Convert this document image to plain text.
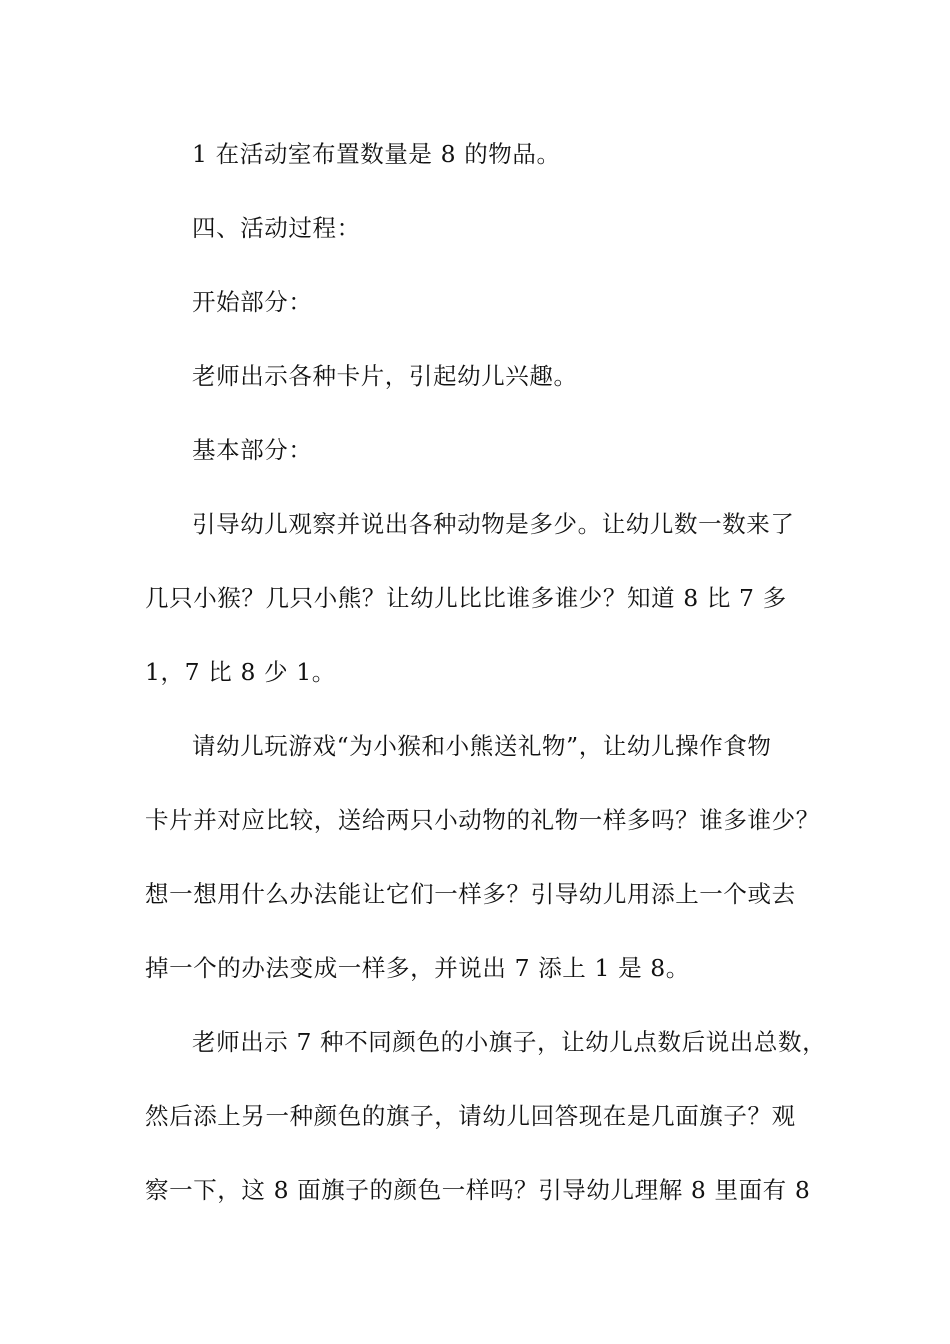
1 在活动室布置数量是 8 的物品。

四、活动过程：

开始部分：

老师出示各种卡片，引起幼儿兴趣。

基本部分：

引导幼儿观察并说出各种动物是多少。让幼儿数一数来了

几只小猴？几只小熊？让幼儿比比谁多谁少？知道 8 比 7 多

1，7 比 8 少 1。

请幼儿玩游戏“为小猴和小熊送礼物”，让幼儿操作食物

卡片并对应比较，送给两只小动物的礼物一样多吗？谁多谁少？

想一想用什么办法能让它们一样多？引导幼儿用添上一个或去

掉一个的办法变成一样多，并说出 7 添上 1 是 8。

老师出示 7 种不同颜色的小旗子，让幼儿点数后说出总数，

然后添上另一种颜色的旗子，请幼儿回答现在是几面旗子？观

察一下，这 8 面旗子的颜色一样吗？引导幼儿理解 8 里面有 8
